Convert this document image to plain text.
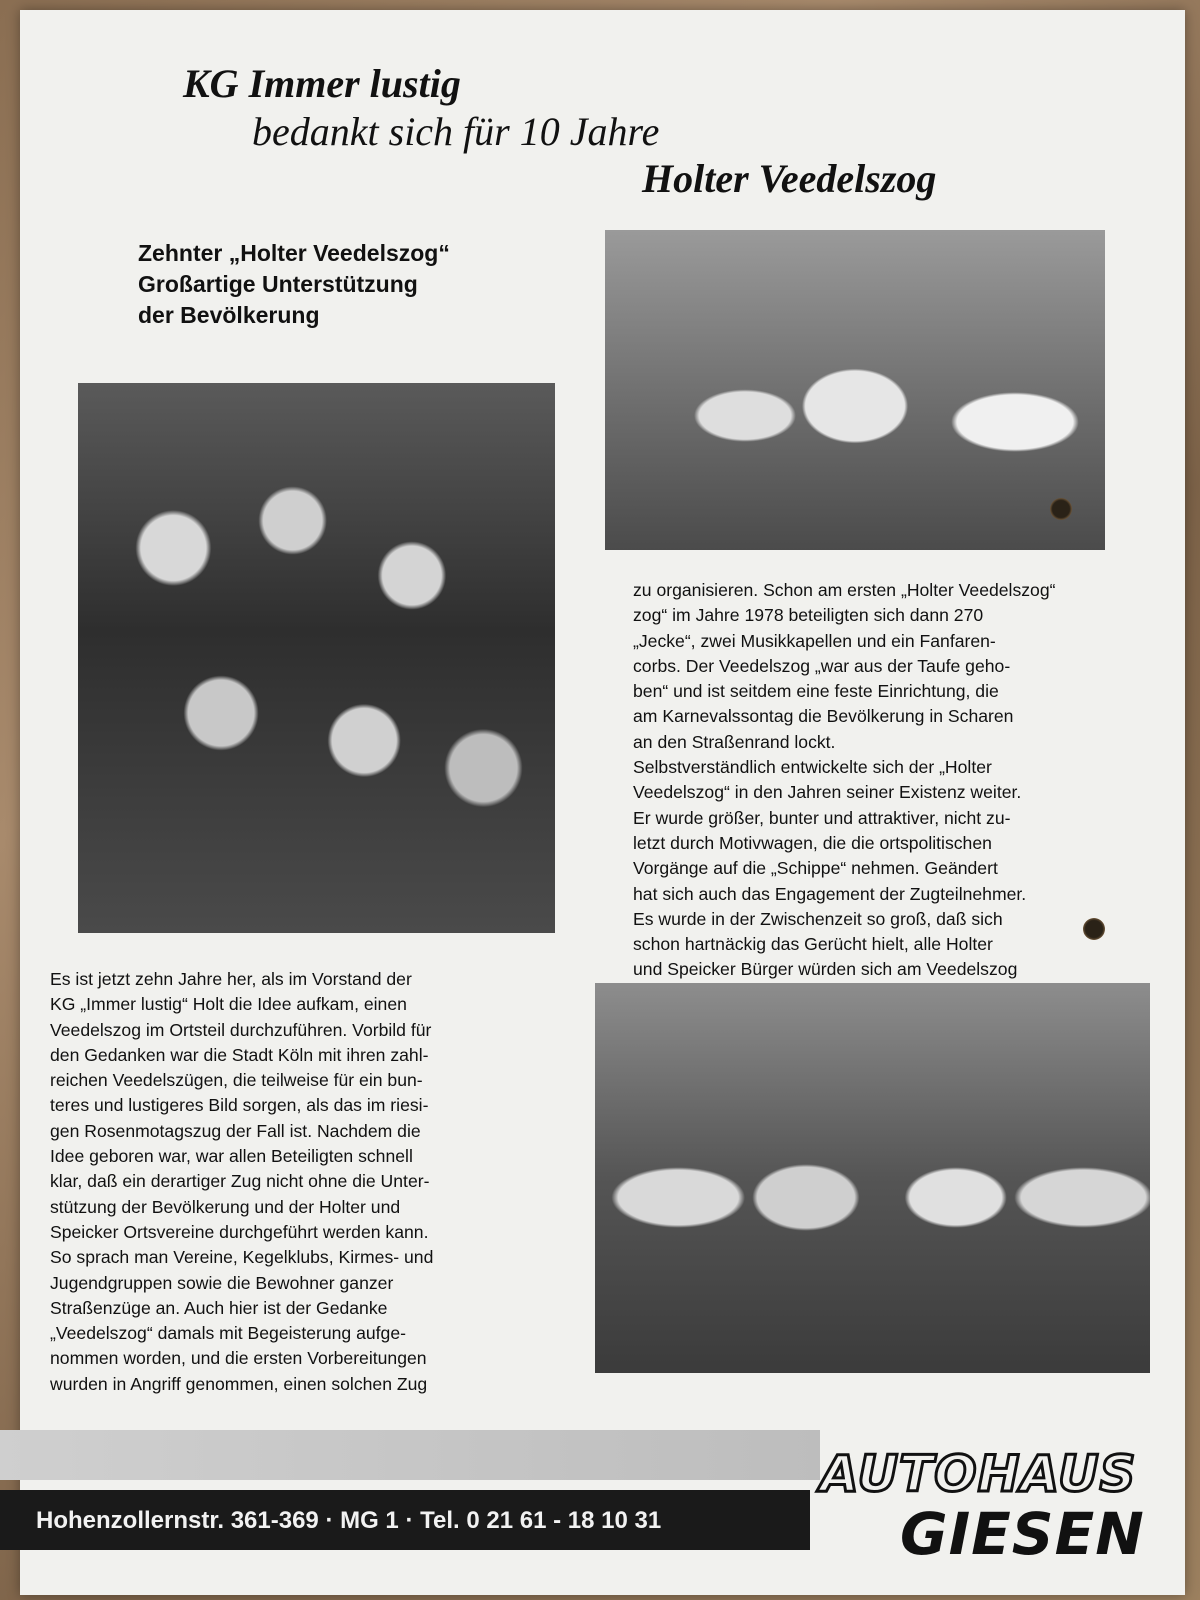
KG Immer lustig
bedankt sich für 10 Jahre
Holter Veedelszog
Zehnter „Holter Veedelszog“
Großartige Unterstützung
der Bevölkerung
zu organisieren. Schon am ersten „Holter Veedelszog“
zog“ im Jahre 1978 beteiligten sich dann 270
„Jecke“, zwei Musikkapellen und ein Fanfaren-
corbs. Der Veedelszog „war aus der Taufe geho-
ben“ und ist seitdem eine feste Einrichtung, die
am Karnevalssontag die Bevölkerung in Scharen
an den Straßenrand lockt.
Selbstverständlich entwickelte sich der „Holter
Veedelszog“ in den Jahren seiner Existenz weiter.
Er wurde größer, bunter und attraktiver, nicht zu-
letzt durch Motivwagen, die die ortspolitischen
Vorgänge auf die „Schippe“ nehmen. Geändert
hat sich auch das Engagement der Zugteilnehmer.
Es wurde in der Zwischenzeit so groß, daß sich
schon hartnäckig das Gerücht hielt, alle Holter
und Speicker Bürger würden sich am Veedelszog
Es ist jetzt zehn Jahre her, als im Vorstand der
KG „Immer lustig“ Holt die Idee aufkam, einen
Veedelszog im Ortsteil durchzuführen. Vorbild für
den Gedanken war die Stadt Köln mit ihren zahl-
reichen Veedelszügen, die teilweise für ein bun-
teres und lustigeres Bild sorgen, als das im riesi-
gen Rosenmotagszug der Fall ist. Nachdem die
Idee geboren war, war allen Beteiligten schnell
klar, daß ein derartiger Zug nicht ohne die Unter-
stützung der Bevölkerung und der Holter und
Speicker Ortsvereine durchgeführt werden kann.
So sprach man Vereine, Kegelklubs, Kirmes- und
Jugendgruppen sowie die Bewohner ganzer
Straßenzüge an. Auch hier ist der Gedanke
„Veedelszog“ damals mit Begeisterung aufge-
nommen worden, und die ersten Vorbereitungen
wurden in Angriff genommen, einen solchen Zug
Hohenzollernstr. 361-369 · MG 1 · Tel. 0 21 61 - 18 10 31
AUTOHAUS
GIESEN
